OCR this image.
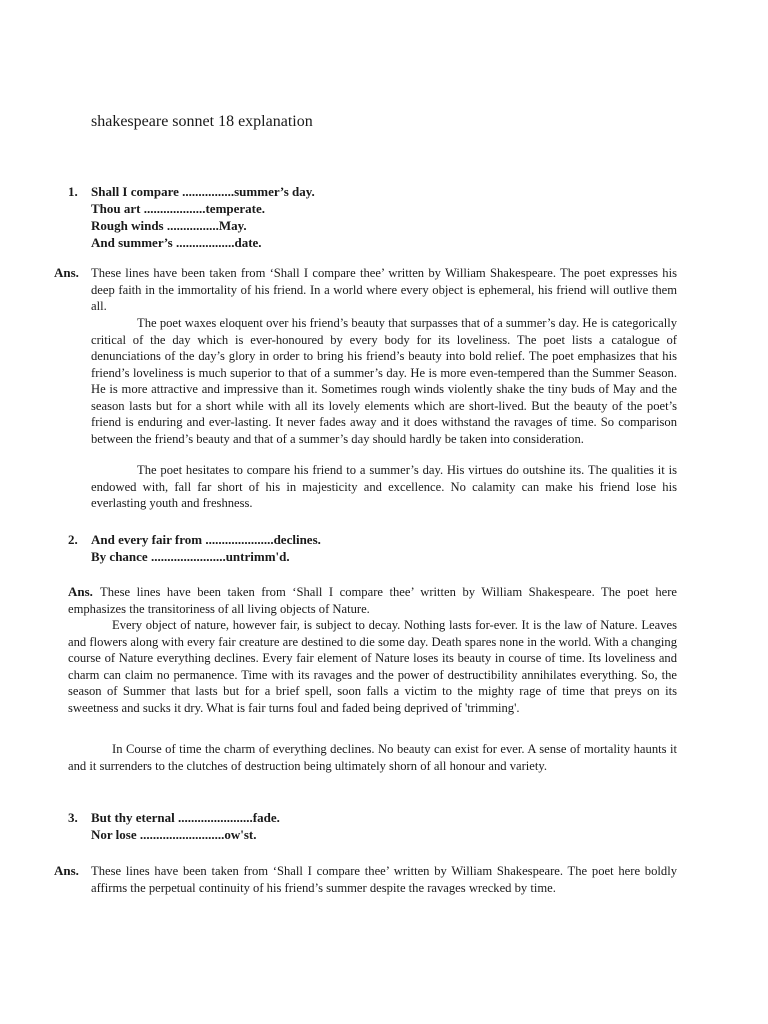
shakespeare sonnet 18 explanation
1. Shall I compare ................summer’s day.
Thou art ...................temperate.
Rough winds ................May.
And summer’s ..................date.
Ans. These lines have been taken from ‘Shall I compare thee’ written by William Shakespeare. The poet expresses his deep faith in the immortality of his friend. In a world where every object is ephemeral, his friend will outlive them all.

The poet waxes eloquent over his friend’s beauty that surpasses that of a summer’s day. He is categorically critical of the day which is ever-honoured by every body for its loveliness. The poet lists a catalogue of denunciations of the day’s glory in order to bring his friend’s beauty into bold relief. The poet emphasizes that his friend’s loveliness is much superior to that of a summer’s day. He is more even-tempered than the Summer Season. He is more attractive and impressive than it. Sometimes rough winds violently shake the tiny buds of May and the season lasts but for a short while with all its lovely elements which are short-lived. But the beauty of the poet’s friend is enduring and ever-lasting. It never fades away and it does withstand the ravages of time. So comparison between the friend’s beauty and that of a summer’s day should hardly be taken into consideration.

The poet hesitates to compare his friend to a summer’s day. His virtues do outshine its. The qualities it is endowed with, fall far short of his in majesticity and excellence. No calamity can make his friend lose his everlasting youth and freshness.

2. And every fair from .....................declines.
By chance .......................untrimm'd.
Ans. These lines have been taken from ‘Shall I compare thee’ written by William Shakespeare. The poet here emphasizes the transitoriness of all living objects of Nature.

Every object of nature, however fair, is subject to decay. Nothing lasts for-ever. It is the law of Nature. Leaves and flowers along with every fair creature are destined to die some day. Death spares none in the world. With a changing course of Nature everything declines. Every fair element of Nature loses its beauty in course of time. Its loveliness and charm can claim no permanence. Time with its ravages and the power of destructibility annihilates everything. So, the season of Summer that lasts but for a brief spell, soon falls a victim to the mighty rage of time that preys on its sweetness and sucks it dry. What is fair turns foul and faded being deprived of 'trimming'.

In Course of time the charm of everything declines. No beauty can exist for ever. A sense of mortality haunts it and it surrenders to the clutches of destruction being ultimately shorn of all honour and variety.

3. But thy eternal .......................fade.
Nor lose ..........................ow'st.
Ans. These lines have been taken from ‘Shall I compare thee’ written by William Shakespeare. The poet here boldly affirms the perpetual continuity of his friend’s summer despite the ravages wrecked by time.
